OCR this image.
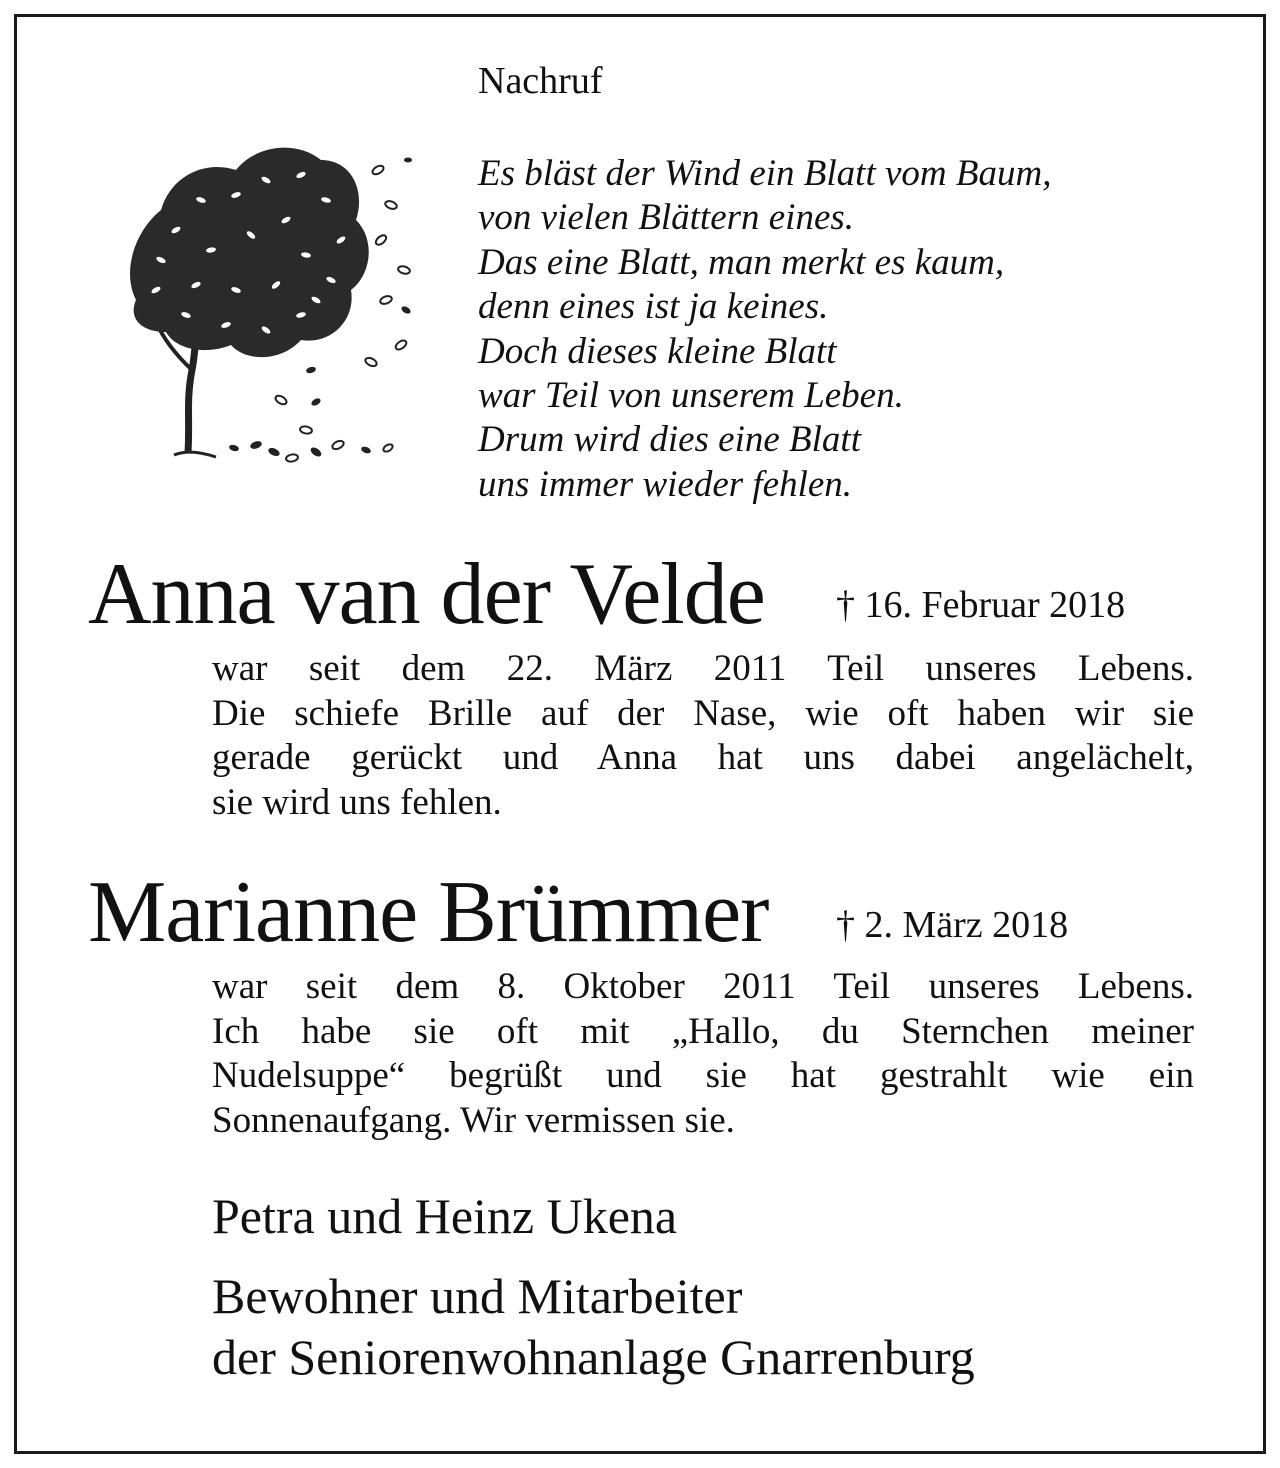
Nachruf
Es bläst der Wind ein Blatt vom Baum,
von vielen Blättern eines.
Das eine Blatt, man merkt es kaum,
denn eines ist ja keines.
Doch dieses kleine Blatt
war Teil von unserem Leben.
Drum wird dies eine Blatt
uns immer wieder fehlen.
Anna van der Velde † 16. Februar 2018
war seit dem 22. März 2011 Teil unseres Lebens.
Die schiefe Brille auf der Nase, wie oft haben wir sie
gerade gerückt und Anna hat uns dabei angelächelt,
sie wird uns fehlen.
Marianne Brümmer † 2. März 2018
war seit dem 8. Oktober 2011 Teil unseres Lebens.
Ich habe sie oft mit „Hallo, du Sternchen meiner
Nudelsuppe“ begrüßt und sie hat gestrahlt wie ein
Sonnenaufgang. Wir vermissen sie.
Petra und Heinz Ukena
Bewohner und Mitarbeiter
der Seniorenwohnanlage Gnarrenburg
